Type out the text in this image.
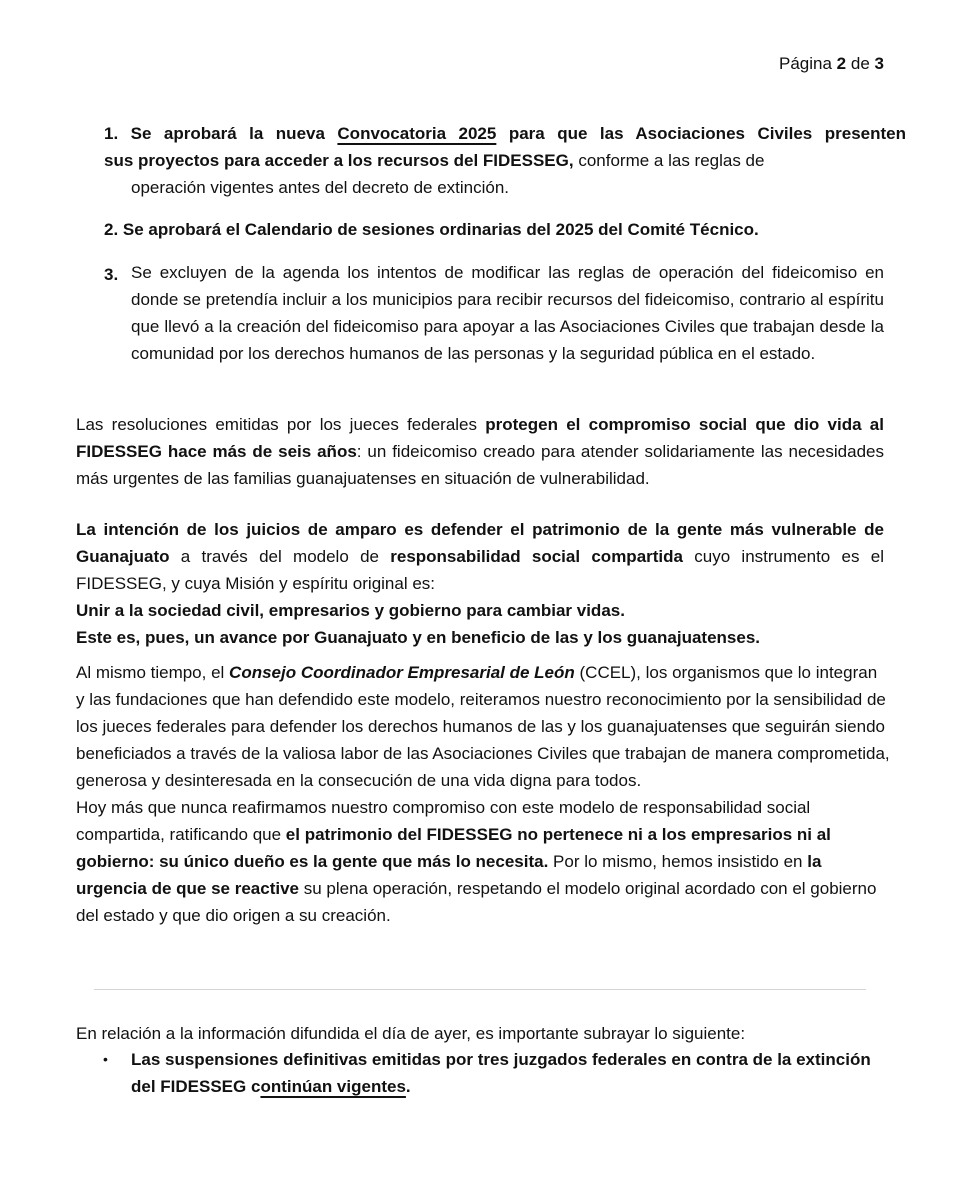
Página 2 de 3
1. Se aprobará la nueva Convocatoria 2025 para que las Asociaciones Civiles presenten
sus proyectos para acceder a los recursos del FIDESSEG, conforme a las reglas de
operación vigentes antes del decreto de extinción.
2. Se aprobará el Calendario de sesiones ordinarias del 2025 del Comité Técnico.
3. Se excluyen de la agenda los intentos de modificar las reglas de operación del fideicomiso en donde se pretendía incluir a los municipios para recibir recursos del fideicomiso, contrario al espíritu que llevó a la creación del fideicomiso para apoyar a las Asociaciones Civiles que trabajan desde la comunidad por los derechos humanos de las personas y la seguridad pública en el estado.
Las resoluciones emitidas por los jueces federales protegen el compromiso social que dio vida al FIDESSEG hace más de seis años: un fideicomiso creado para atender solidariamente las necesidades más urgentes de las familias guanajuatenses en situación de vulnerabilidad.
La intención de los juicios de amparo es defender el patrimonio de la gente más vulnerable de Guanajuato a través del modelo de responsabilidad social compartida cuyo instrumento es el FIDESSEG, y cuya Misión y espíritu original es:
Unir a la sociedad civil, empresarios y gobierno para cambiar vidas.
Este es, pues, un avance por Guanajuato y en beneficio de las y los guanajuatenses.
Al mismo tiempo, el Consejo Coordinador Empresarial de León (CCEL), los organismos que lo integran y las fundaciones que han defendido este modelo, reiteramos nuestro reconocimiento por la sensibilidad de los jueces federales para defender los derechos humanos de las y los guanajuatenses que seguirán siendo beneficiados a través de la valiosa labor de las Asociaciones Civiles que trabajan de manera comprometida, generosa y desinteresada en la consecución de una vida digna para todos.
Hoy más que nunca reafirmamos nuestro compromiso con este modelo de responsabilidad social compartida, ratificando que el patrimonio del FIDESSEG no pertenece ni a los empresarios ni al gobierno: su único dueño es la gente que más lo necesita. Por lo mismo, hemos insistido en la urgencia de que se reactive su plena operación, respetando el modelo original acordado con el gobierno del estado y que dio origen a su creación.
En relación a la información difundida el día de ayer, es importante subrayar lo siguiente:
• Las suspensiones definitivas emitidas por tres juzgados federales en contra de la extinción del FIDESSEG continúan vigentes.
